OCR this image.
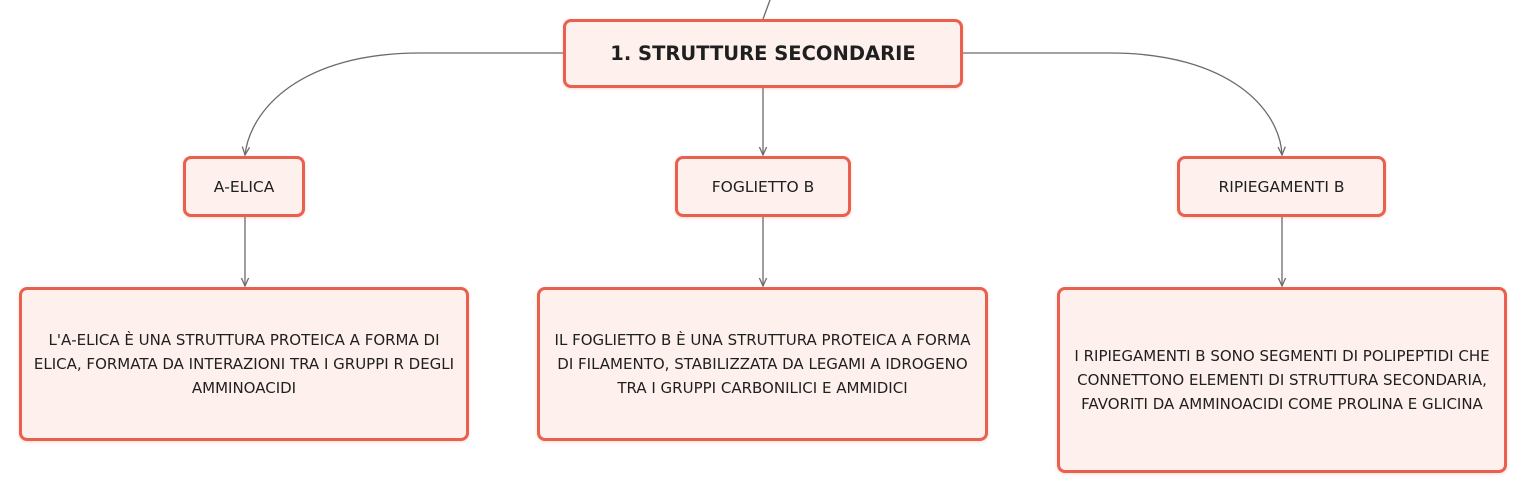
1. STRUTTURE SECONDARIE
Α-ELICA	FOGLIETTO Β	RIPIEGAMENTI Β
L'Α-ELICA È UNA STRUTTURA PROTEICA A FORMA DI ELICA, FORMATA DA INTERAZIONI TRA I GRUPPI R DEGLI AMMINOACIDI
IL FOGLIETTO Β È UNA STRUTTURA PROTEICA A FORMA DI FILAMENTO, STABILIZZATA DA LEGAMI A IDROGENO TRA I GRUPPI CARBONILICI E AMMIDICI
I RIPIEGAMENTI Β SONO SEGMENTI DI POLIPEPTIDI CHE CONNETTONO ELEMENTI DI STRUTTURA SECONDARIA, FAVORITI DA AMMINOACIDI COME PROLINA E GLICINA
